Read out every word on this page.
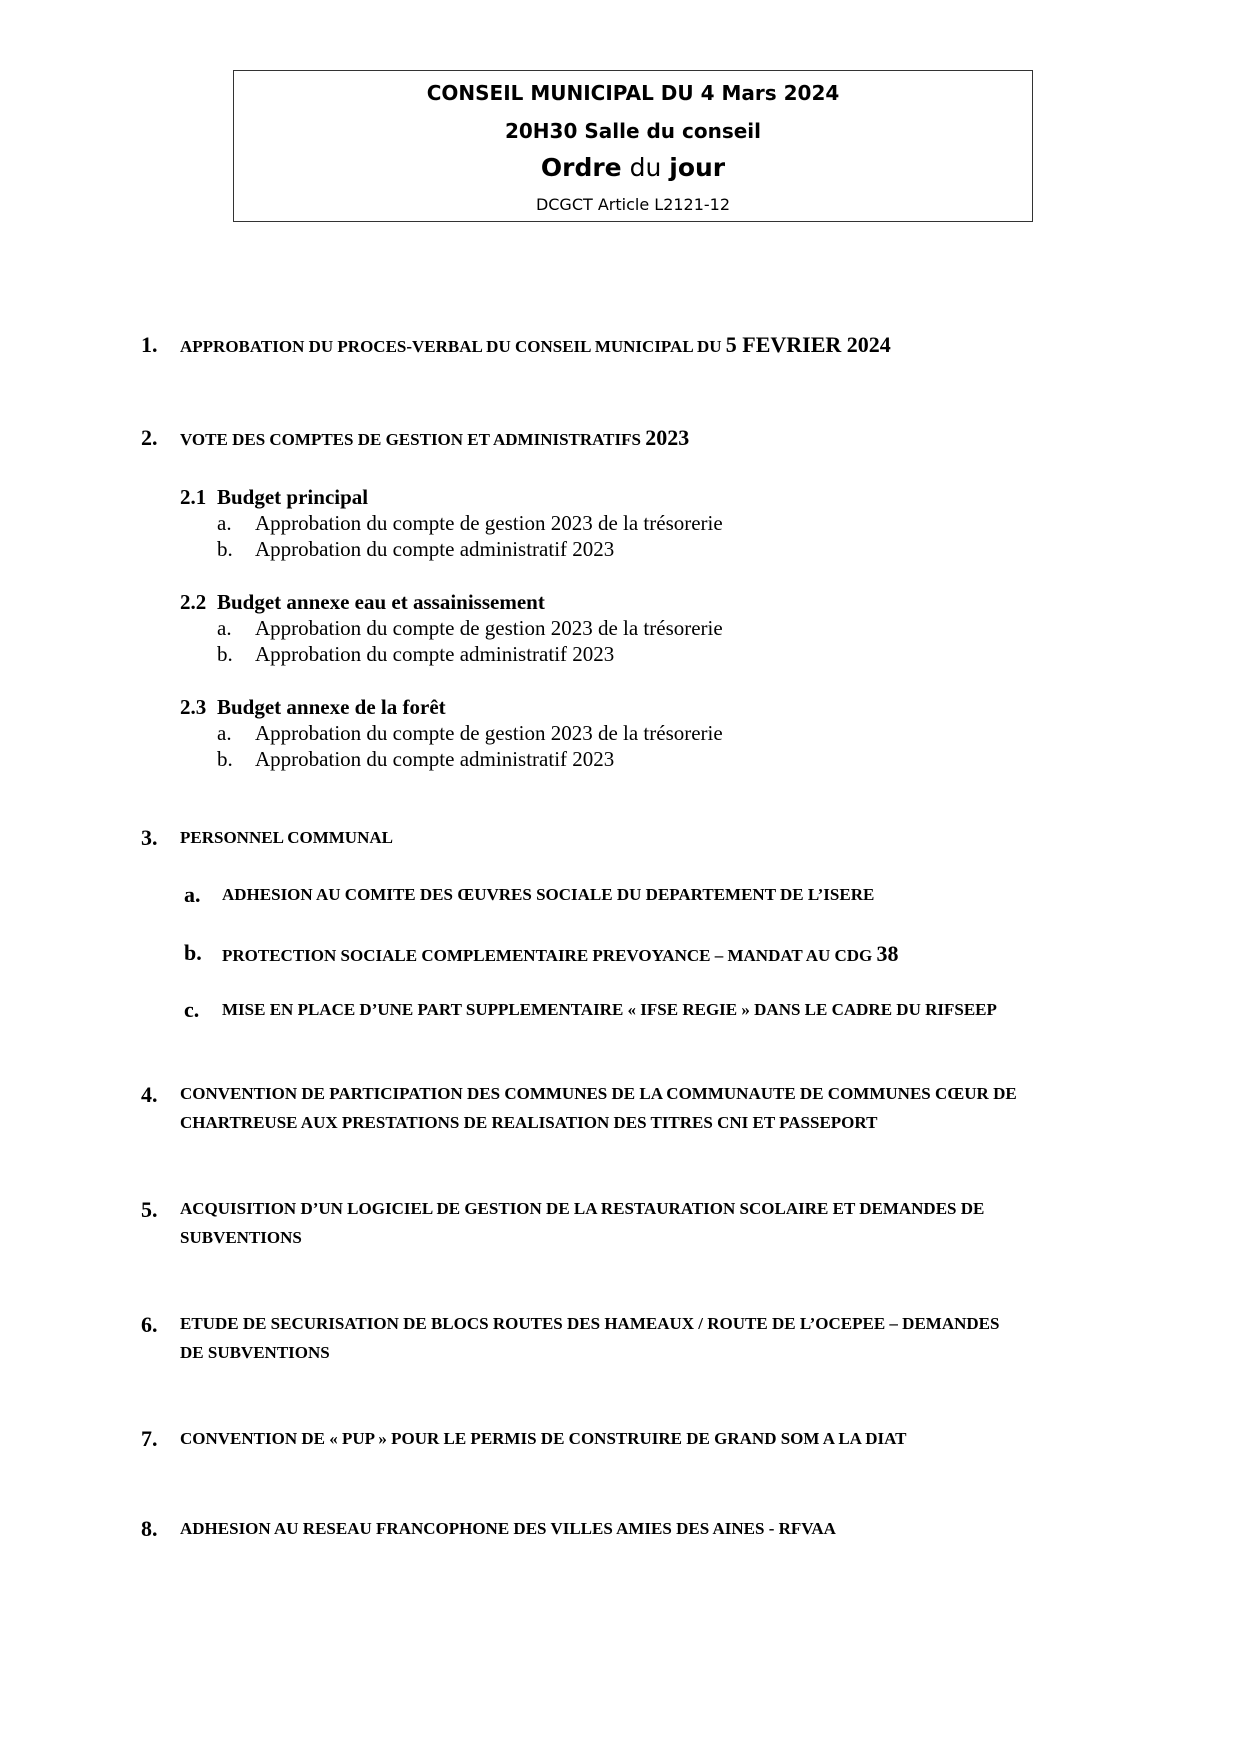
CONSEIL MUNICIPAL DU 4 Mars 2024
20H30 Salle du conseil
Ordre du jour
DCGCT Article L2121-12
1. APPROBATION DU PROCES-VERBAL DU CONSEIL MUNICIPAL DU 5 FEVRIER 2024
2. VOTE DES COMPTES DE GESTION ET ADMINISTRATIFS 2023
2.1 Budget principal
a. Approbation du compte de gestion 2023 de la trésorerie
b. Approbation du compte administratif 2023
2.2 Budget annexe eau et assainissement
a. Approbation du compte de gestion 2023 de la trésorerie
b. Approbation du compte administratif 2023
2.3 Budget annexe de la forêt
a. Approbation du compte de gestion 2023 de la trésorerie
b. Approbation du compte administratif 2023
3. PERSONNEL COMMUNAL
a. ADHESION AU COMITE DES ŒUVRES SOCIALE DU DEPARTEMENT DE L’ISERE
b. PROTECTION SOCIALE COMPLEMENTAIRE PREVOYANCE – MANDAT AU CDG 38
c. MISE EN PLACE D’UNE PART SUPPLEMENTAIRE « IFSE REGIE » DANS LE CADRE DU RIFSEEP
4. CONVENTION DE PARTICIPATION DES COMMUNES DE LA COMMUNAUTE DE COMMUNES CŒUR DE
CHARTREUSE AUX PRESTATIONS DE REALISATION DES TITRES CNI ET PASSEPORT
5. ACQUISITION D’UN LOGICIEL DE GESTION DE LA RESTAURATION SCOLAIRE ET DEMANDES DE
SUBVENTIONS
6. ETUDE DE SECURISATION DE BLOCS ROUTES DES HAMEAUX / ROUTE DE L’OCEPEE – DEMANDES
DE SUBVENTIONS
7. CONVENTION DE « PUP » POUR LE PERMIS DE CONSTRUIRE DE GRAND SOM A LA DIAT
8. ADHESION AU RESEAU FRANCOPHONE DES VILLES AMIES DES AINES - RFVAA
